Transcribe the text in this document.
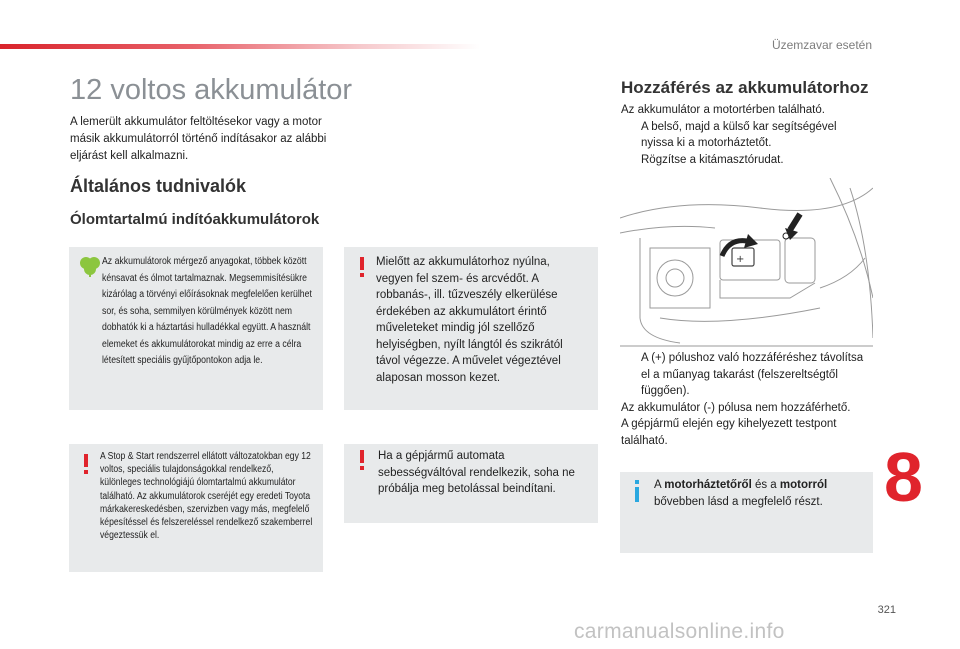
Üzemzavar esetén
12 voltos akkumulátor
A lemerült akkumulátor feltöltésekor vagy a motor másik akkumulátorról történő indításakor az alábbi eljárást kell alkalmazni.
Általános tudnivalók
Ólomtartalmú indítóakkumulátorok

Az akkumulátorok mérgező anyagokat, többek között kénsavat és ólmot tartalmaznak. Megsemmisítésükre kizárólag a törvényi előírásoknak megfelelően kerülhet sor, és soha, semmilyen körülmények között nem dobhatók ki a háztartási hulladékkal együtt. A használt elemeket és akkumulátorokat mindig az erre a célra létesített speciális gyűjtőpontokon adja le.

Mielőtt az akkumulátorhoz nyúlna, vegyen fel szem- és arcvédőt. A robbanás-, ill. tűzveszély elkerülése érdekében az akkumulátort érintő műveleteket mindig jól szellőző helyiségben, nyílt lángtól és szikrától távol végezze. A művelet végeztével alaposan mosson kezet.

A Stop & Start rendszerrel ellátott változatokban egy 12 voltos, speciális tulajdonságokkal rendelkező, különleges technológiájú ólomtartalmú akkumulátor található. Az akkumulátorok cseréjét egy eredeti Toyota márkakereskedésben, szervizben vagy más, megfelelő képesítéssel és felszereléssel rendelkező szakemberrel végeztessük el.

Ha a gépjármű automata sebességváltóval rendelkezik, soha ne próbálja meg betolással beindítani.

Hozzáférés az akkumulátorhoz
Az akkumulátor a motortérben található.
A belső, majd a külső kar segítségével nyissa ki a motorháztetőt.
Rögzítse a kitámasztórudat.
+
A (+) pólushoz való hozzáféréshez távolítsa el a műanyag takarást (felszereltségtől függően).
Az akkumulátor (-) pólusa nem hozzáférhető.
A gépjármű elején egy kihelyezett testpont található.

A motorháztetőről és a motorról bővebben lásd a megfelelő részt. 8
321
carmanualsonline.info
